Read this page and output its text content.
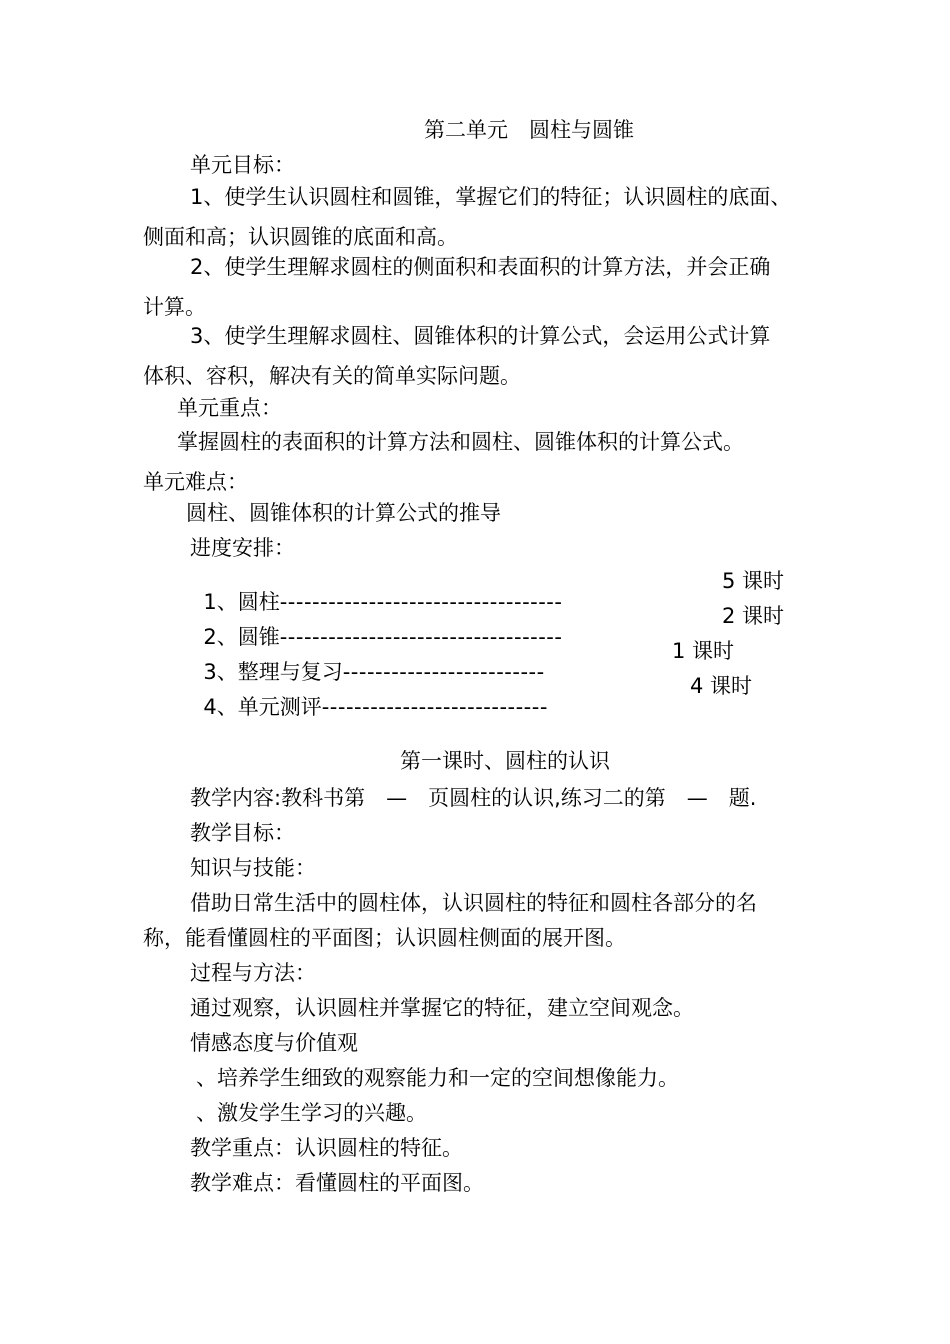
第二单元　圆柱与圆锥
单元目标：
1、使学生认识圆柱和圆锥，掌握它们的特征；认识圆柱的底面、
侧面和高；认识圆锥的底面和高。
2、使学生理解求圆柱的侧面积和表面积的计算方法，并会正确
计算。
3、使学生理解求圆柱、圆锥体积的计算公式，会运用公式计算
体积、容积，解决有关的简单实际问题。
单元重点：
掌握圆柱的表面积的计算方法和圆柱、圆锥体积的计算公式。
单元难点：
圆柱、圆锥体积的计算公式的推导
进度安排：

1、圆柱-----------------------------------

5 课时

2、圆锥-----------------------------------

2 课时

3、整理与复习-------------------------

1 课时

4、单元测评----------------------------

4 课时
第一课时、圆柱的认识
教学内容:教科书第　—　页圆柱的认识,练习二的第　—　题.
教学目标：
知识与技能：
借助日常生活中的圆柱体，认识圆柱的特征和圆柱各部分的名
称，能看懂圆柱的平面图；认识圆柱侧面的展开图。
过程与方法：
通过观察，认识圆柱并掌握它的特征，建立空间观念。
情感态度与价值观
、培养学生细致的观察能力和一定的空间想像能力。
、激发学生学习的兴趣。
教学重点：认识圆柱的特征。
教学难点：看懂圆柱的平面图。
